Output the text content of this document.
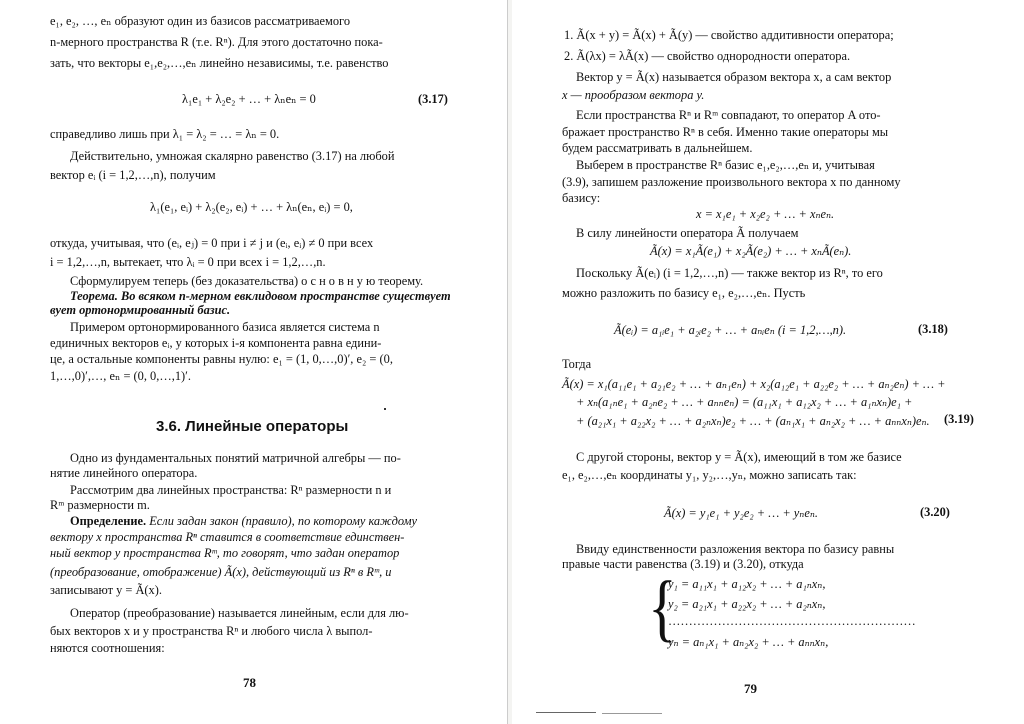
e₁, e₂, …, eₙ образуют один из базисов рассматриваемого
n-мерного пространства R (т.е. Rⁿ). Для этого достаточно пока-
зать, что векторы e₁,e₂,…,eₙ линейно независимы, т.е. равенство
λ₁e₁ + λ₂e₂ + … + λₙeₙ = 0	(3.17)
справедливо лишь при λ₁ = λ₂ = … = λₙ = 0.
Действительно, умножая скалярно равенство (3.17) на любой
вектор eᵢ (i = 1,2,…,n), получим
λ₁(e₁, eᵢ) + λ₂(e₂, eᵢ) + … + λₙ(eₙ, eᵢ) = 0,
откуда, учитывая, что (eᵢ, eⱼ) = 0 при i ≠ j и (eᵢ, eᵢ) ≠ 0 при всех
i = 1,2,…,n, вытекает, что λᵢ = 0 при всех i = 1,2,…,n.
Сформулируем теперь (без доказательства) о с н о в н у ю теорему.
Теорема. Во всяком n-мерном евклидовом пространстве существует
вует ортонормированный базис.
Примером ортонормированного базиса является система n
единичных векторов eᵢ, у которых i-я компонента равна едини-
це, а остальные компоненты равны нулю: e₁ = (1, 0,…,0)′, e₂ = (0,
1,…,0)′,…, eₙ = (0, 0,…,1)′.
3.6. Линейные операторы
Одно из фундаментальных понятий матричной алгебры — по-
нятие линейного оператора.
Рассмотрим два линейных пространства: Rⁿ размерности n и
Rᵐ размерности m.
Определение. Если задан закон (правило), по которому каждому
вектору x пространства Rⁿ ставится в соответствие единствен-
ный вектор y пространства Rᵐ, то говорят, что задан оператор
(преобразование, отображение) Ã(x), действующий из Rⁿ в Rᵐ, и
записывают y = Ã(x).
Оператор (преобразование) называется линейным, если для лю-
бых векторов x и y пространства Rⁿ и любого числа λ выпол-
няются соотношения:
78
1. Ã(x + y) = Ã(x) + Ã(y) — свойство аддитивности оператора;
2. Ã(λx) = λÃ(x) — свойство однородности оператора.
Вектор y = Ã(x) называется образом вектора x, а сам вектор
x — прообразом вектора y.
Если пространства Rⁿ и Rᵐ совпадают, то оператор A ото-
бражает пространство Rⁿ в себя. Именно такие операторы мы
будем рассматривать в дальнейшем.
Выберем в пространстве Rⁿ базис e₁,e₂,…,eₙ и, учитывая
(3.9), запишем разложение произвольного вектора x по данному
базису:
x = x₁e₁ + x₂e₂ + … + xₙeₙ.
В силу линейности оператора Ã получаем
Ã(x) = x₁Ã(e₁) + x₂Ã(e₂) + … + xₙÃ(eₙ).
Поскольку Ã(eᵢ) (i = 1,2,…,n) — также вектор из Rⁿ, то его
можно разложить по базису e₁, e₂,…,eₙ. Пусть
Ã(eᵢ) = a₁ᵢe₁ + a₂ᵢe₂ + … + aₙᵢeₙ (i = 1,2,…,n).	(3.18)
Тогда
Ã(x) = x₁(a₁₁e₁ + a₂₁e₂ + … + aₙ₁eₙ) + x₂(a₁₂e₁ + a₂₂e₂ + … + aₙ₂eₙ) + … +
+ xₙ(a₁ₙe₁ + a₂ₙe₂ + … + aₙₙeₙ) = (a₁₁x₁ + a₁₂x₂ + … + a₁ₙxₙ)e₁ +
+ (a₂₁x₁ + a₂₂x₂ + … + a₂ₙxₙ)e₂ + … + (aₙ₁x₁ + aₙ₂x₂ + … + aₙₙxₙ)eₙ. (3.19)
С другой стороны, вектор y = Ã(x), имеющий в том же базисе
e₁, e₂,…,eₙ координаты y₁, y₂,…,yₙ, можно записать так:
Ã(x) = y₁e₁ + y₂e₂ + … + yₙeₙ.	(3.20)
Ввиду единственности разложения вектора по базису равны
правые части равенства (3.19) и (3.20), откуда
{
y₁ = a₁₁x₁ + a₁₂x₂ + … + a₁ₙxₙ,
y₂ = a₂₁x₁ + a₂₂x₂ + … + a₂ₙxₙ,
……………………………………………………
yₙ = aₙ₁x₁ + aₙ₂x₂ + … + aₙₙxₙ,
79
